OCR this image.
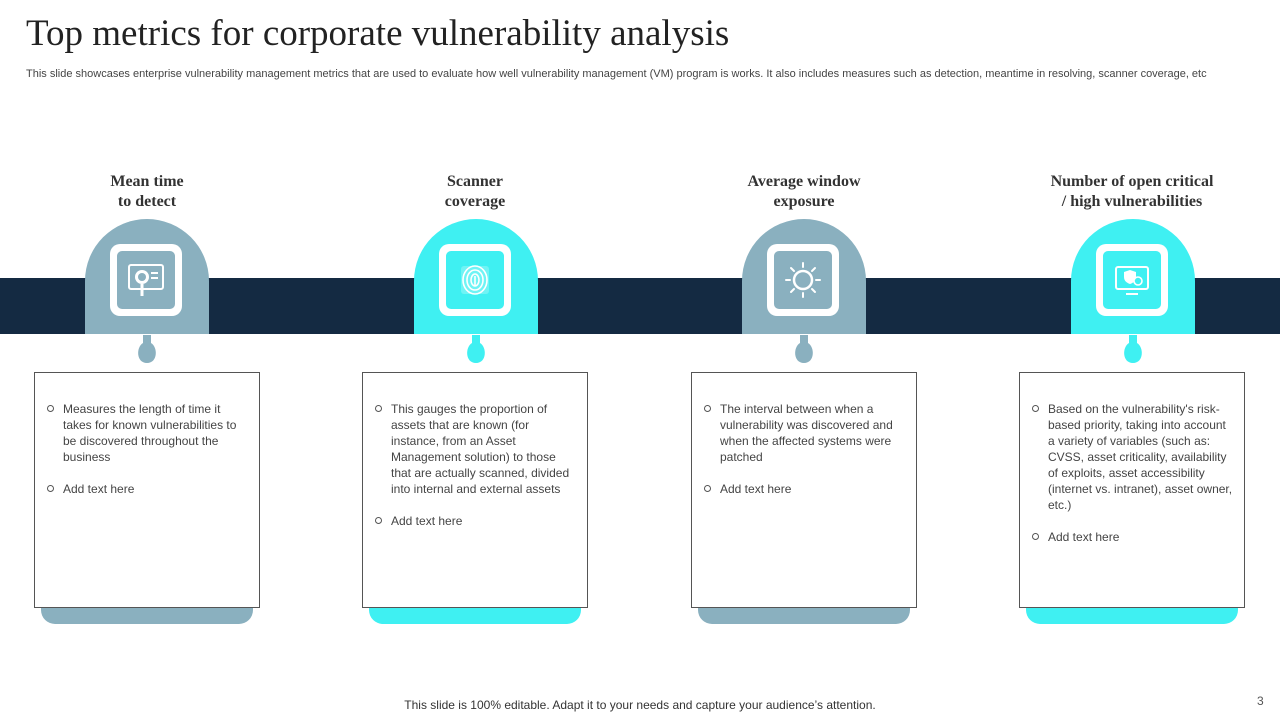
Top metrics for corporate vulnerability analysis
This slide showcases enterprise vulnerability management metrics that are used to evaluate how well vulnerability management (VM) program is works. It also includes measures such as detection, meantime in resolving, scanner coverage, etc
Mean time
to detect
Measures the length of time it takes for known vulnerabilities to be discovered throughout the business
Add text here
Scanner
coverage
This gauges the proportion of assets that are known (for instance, from an Asset Management solution) to those that are actually scanned, divided into internal and external assets
Add text here
Average window
exposure
The interval between when a vulnerability was discovered and when the affected systems were patched
Add text here
Number of open critical
/ high vulnerabilities
Based on the vulnerability's risk-based priority, taking into account a variety of variables (such as: CVSS, asset criticality, availability of exploits, asset accessibility (internet vs. intranet), asset owner, etc.)
Add text here
This slide is 100% editable. Adapt it to your needs and capture your audience’s attention.	3
